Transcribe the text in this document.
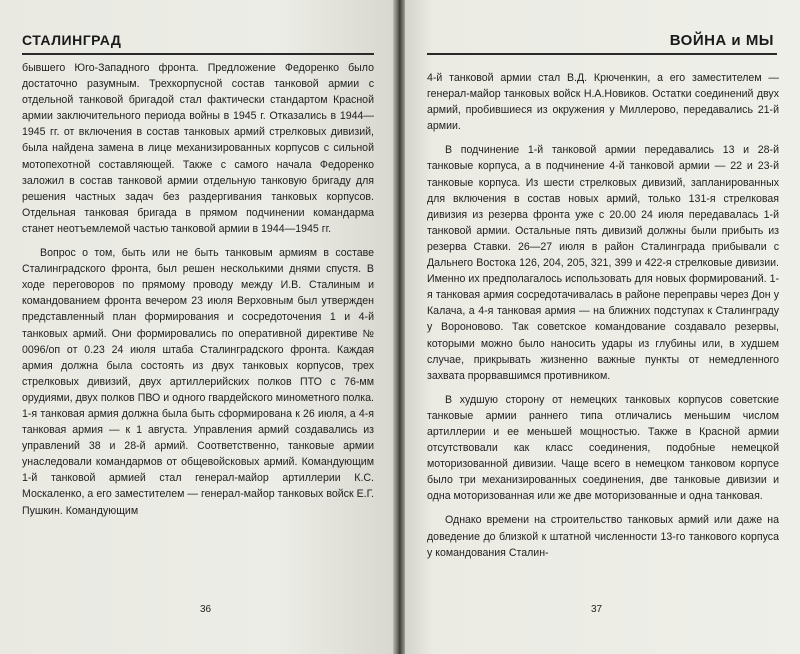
СТАЛИНГРАД

бывшего Юго-Западного фронта. Предложение Федоренко было достаточно разумным. Трехкорпусной состав танковой армии с отдельной танковой бригадой стал фактически стандартом Красной армии заключительного периода войны в 1945 г. Отказались в 1944—1945 гг. от включения в состав танковых армий стрелковых дивизий, была найдена замена в лице механизированных корпусов с сильной мотопехотной составляющей. Также с самого начала Федоренко заложил в состав танковой армии отдельную танковую бригаду для решения частных задач без раздергивания танковых корпусов. Отдельная танковая бригада в прямом подчинении командарма станет неотъемлемой частью танковой армии в 1944—1945 гг.

Вопрос о том, быть или не быть танковым армиям в составе Сталинградского фронта, был решен несколькими днями спустя. В ходе переговоров по прямому проводу между И.В. Сталиным и командованием фронта вечером 23 июля Верховным был утвержден представленный план формирования и сосредоточения 1 и 4-й танковых армий. Они формировались по оперативной директиве № 0096/оп от 0.23 24 июля штаба Сталинградского фронта. Каждая армия должна была состоять из двух танковых корпусов, трех стрелковых дивизий, двух артиллерийских полков ПТО с 76-мм орудиями, двух полков ПВО и одного гвардейского минометного полка. 1-я танковая армия должна была быть сформирована к 26 июля, а 4-я танковая армия — к 1 августа. Управления армий создавались из управлений 38 и 28-й армий. Соответственно, танковые армии унаследовали командармов от общевойсковых армий. Командующим 1-й танковой армией стал генерал-майор артиллерии К.С. Москаленко, а его заместителем — генерал-майор танковых войск Е.Г. Пушкин. Командующим

36
ВОЙНА и МЫ

4-й танковой армии стал В.Д. Крюченкин, а его заместителем — генерал-майор танковых войск Н.А.Новиков. Остатки соединений двух армий, пробившиеся из окружения у Миллерово, передавались 21-й армии.

В подчинение 1-й танковой армии передавались 13 и 28-й танковые корпуса, а в подчинение 4-й танковой армии — 22 и 23-й танковые корпуса. Из шести стрелковых дивизий, запланированных для включения в состав новых армий, только 131-я стрелковая дивизия из резерва фронта уже с 20.00 24 июля передавалась 1-й танковой армии. Остальные пять дивизий должны были прибыть из резерва Ставки. 26—27 июля в район Сталинграда прибывали с Дальнего Востока 126, 204, 205, 321, 399 и 422-я стрелковые дивизии. Именно их предполагалось использовать для новых формирований. 1-я танковая армия сосредотачивалась в районе переправы через Дон у Калача, а 4-я танковая армия — на ближних подступах к Сталинграду у Вороновово. Так советское командование создавало резервы, которыми можно было наносить удары из глубины или, в худшем случае, прикрывать жизненно важные пункты от немедленного захвата прорвавшимся противником.

В худшую сторону от немецких танковых корпусов советские танковые армии раннего типа отличались меньшим числом артиллерии и ее меньшей мощностью. Также в Красной армии отсутствовали как класс соединения, подобные немецкой моторизованной дивизии. Чаще всего в немецком танковом корпусе было три механизированных соединения, две танковые дивизии и одна моторизованная или же две моторизованные и одна танковая.

Однако времени на строительство танковых армий или даже на доведение до близкой к штатной численности 13-го танкового корпуса у командования Сталин-

37
